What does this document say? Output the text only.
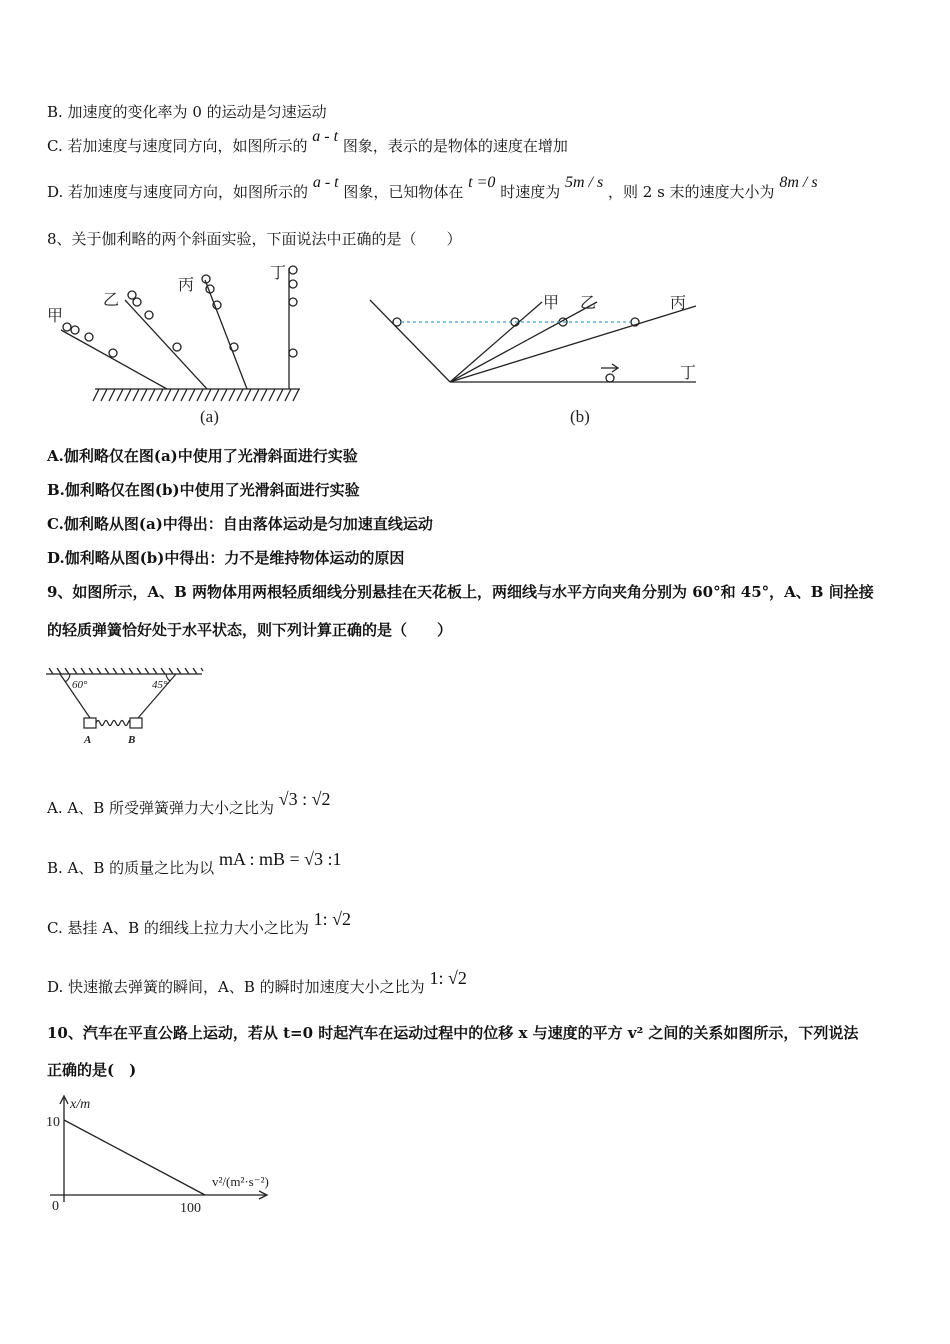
B. 加速度的变化率为 0 的运动是匀速运动
C. 若加速度与速度同方向，如图所示的 a - t 图象，表示的是物体的速度在增加
D. 若加速度与速度同方向，如图所示的 a - t 图象，已知物体在 t =0 时速度为 5m / s ，则 2 s 末的速度大小为 8m / s
8、关于伽利略的两个斜面实验，下面说法中正确的是（　　）
甲
乙
丙
丁
(a)
甲 乙	丙
丁
(b)
A.伽利略仅在图(a)中使用了光滑斜面进行实验
B.伽利略仅在图(b)中使用了光滑斜面进行实验
C.伽利略从图(a)中得出：自由落体运动是匀加速直线运动
D.伽利略从图(b)中得出：力不是维持物体运动的原因
9、如图所示，A、B 两物体用两根轻质细线分别悬挂在天花板上，两细线与水平方向夹角分别为 60°和 45°，A、B 间拴接
的轻质弹簧恰好处于水平状态，则下列计算正确的是（　　）
60°	45°
A	B
A. A、B 所受弹簧弹力大小之比为 √3 : √2
B. A、B 的质量之比为以 mA : mB = √3 :1
C. 悬挂 A、B 的细线上拉力大小之比为 1: √2
D. 快速撤去弹簧的瞬间，A、B 的瞬时加速度大小之比为 1: √2
10、汽车在平直公路上运动，若从 t=0 时起汽车在运动过程中的位移 x 与速度的平方 v² 之间的关系如图所示，下列说法
正确的是(　)
x/m
v²/(m²·s⁻²)
10
100
0
